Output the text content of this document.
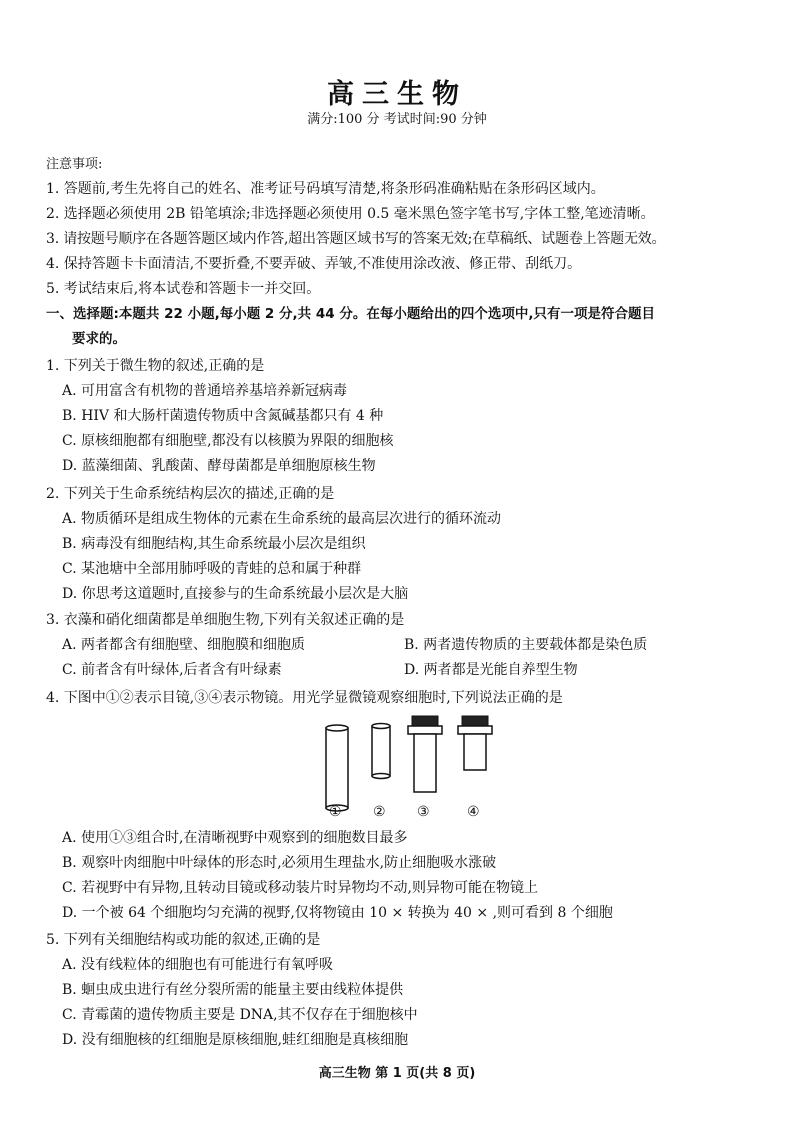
高三生物
满分:100 分 考试时间:90 分钟
注意事项:
1. 答题前,考生先将自己的姓名、准考证号码填写清楚,将条形码准确粘贴在条形码区域内。
2. 选择题必须使用 2B 铅笔填涂;非选择题必须使用 0.5 毫米黑色签字笔书写,字体工整,笔迹清晰。
3. 请按题号顺序在各题答题区域内作答,超出答题区域书写的答案无效;在草稿纸、试题卷上答题无效。
4. 保持答题卡卡面清洁,不要折叠,不要弄破、弄皱,不准使用涂改液、修正带、刮纸刀。
5. 考试结束后,将本试卷和答题卡一并交回。
一、选择题:本题共 22 小题,每小题 2 分,共 44 分。在每小题给出的四个选项中,只有一项是符合题目
要求的。
1. 下列关于微生物的叙述,正确的是
A. 可用富含有机物的普通培养基培养新冠病毒
B. HIV 和大肠杆菌遗传物质中含氮碱基都只有 4 种
C. 原核细胞都有细胞壁,都没有以核膜为界限的细胞核
D. 蓝藻细菌、乳酸菌、酵母菌都是单细胞原核生物
2. 下列关于生命系统结构层次的描述,正确的是
A. 物质循环是组成生物体的元素在生命系统的最高层次进行的循环流动
B. 病毒没有细胞结构,其生命系统最小层次是组织
C. 某池塘中全部用肺呼吸的青蛙的总和属于种群
D. 你思考这道题时,直接参与的生命系统最小层次是大脑
3. 衣藻和硝化细菌都是单细胞生物,下列有关叙述正确的是
A. 两者都含有细胞壁、细胞膜和细胞质	B. 两者遗传物质的主要载体都是染色质
C. 前者含有叶绿体,后者含有叶绿素	D. 两者都是光能自养型生物
4. 下图中①②表示目镜,③④表示物镜。用光学显微镜观察细胞时,下列说法正确的是
① ② ③	④
A. 使用①③组合时,在清晰视野中观察到的细胞数目最多
B. 观察叶肉细胞中叶绿体的形态时,必须用生理盐水,防止细胞吸水涨破
C. 若视野中有异物,且转动目镜或移动装片时异物均不动,则异物可能在物镜上
D. 一个被 64 个细胞均匀充满的视野,仅将物镜由 10 × 转换为 40 × ,则可看到 8 个细胞
5. 下列有关细胞结构或功能的叙述,正确的是
A. 没有线粒体的细胞也有可能进行有氧呼吸
B. 蛔虫成虫进行有丝分裂所需的能量主要由线粒体提供
C. 青霉菌的遗传物质主要是 DNA,其不仅存在于细胞核中
D. 没有细胞核的红细胞是原核细胞,蛙红细胞是真核细胞
高三生物 第 1 页(共 8 页)
